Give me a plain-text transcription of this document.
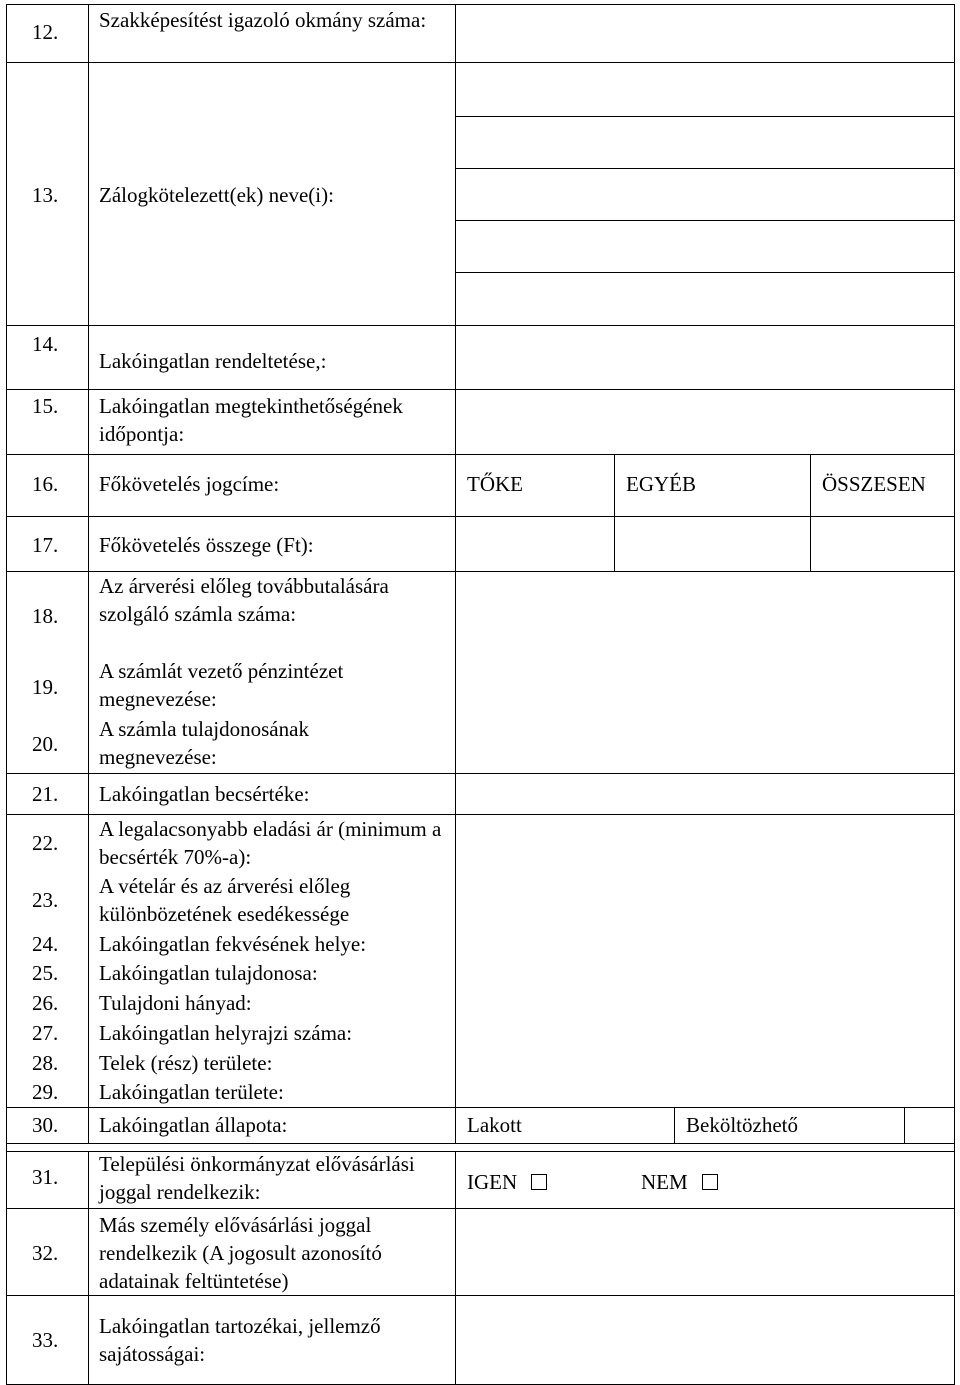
12. Szakképesítést igazoló okmány száma:
13. Zálogkötelezett(ek) neve(i):
14.
Lakóingatlan rendeltetése,:
15. Lakóingatlan megtekinthetőségének időpontja:
16. Főkövetelés jogcíme:	TŐKE	EGYÉB	ÖSSZESEN
17. Főkövetelés összege (Ft):
18.
Az árverési előleg továbbutalására szolgáló számla száma:
19.
A számlát vezető pénzintézet megnevezése:
20.
A számla tulajdonosának megnevezése:
21. Lakóingatlan becsértéke:
22.
A legalacsonyabb eladási ár (minimum a becsérték 70%-a):
23.
A vételár és az árverési előleg különbözetének esedékessége
24. Lakóingatlan fekvésének helye:
25. Lakóingatlan tulajdonosa:
26. Tulajdoni hányad:
27. Lakóingatlan helyrajzi száma:
28. Telek (rész) területe:
29. Lakóingatlan területe:
30. Lakóingatlan állapota:	Lakott	Beköltözhető
31.
Települési önkormányzat elővásárlási joggal rendelkezik:	IGEN	NEM
32.
Más személy elővásárlási joggal rendelkezik (A jogosult azonosító adatainak feltüntetése)
33.
Lakóingatlan tartozékai, jellemző sajátosságai:
